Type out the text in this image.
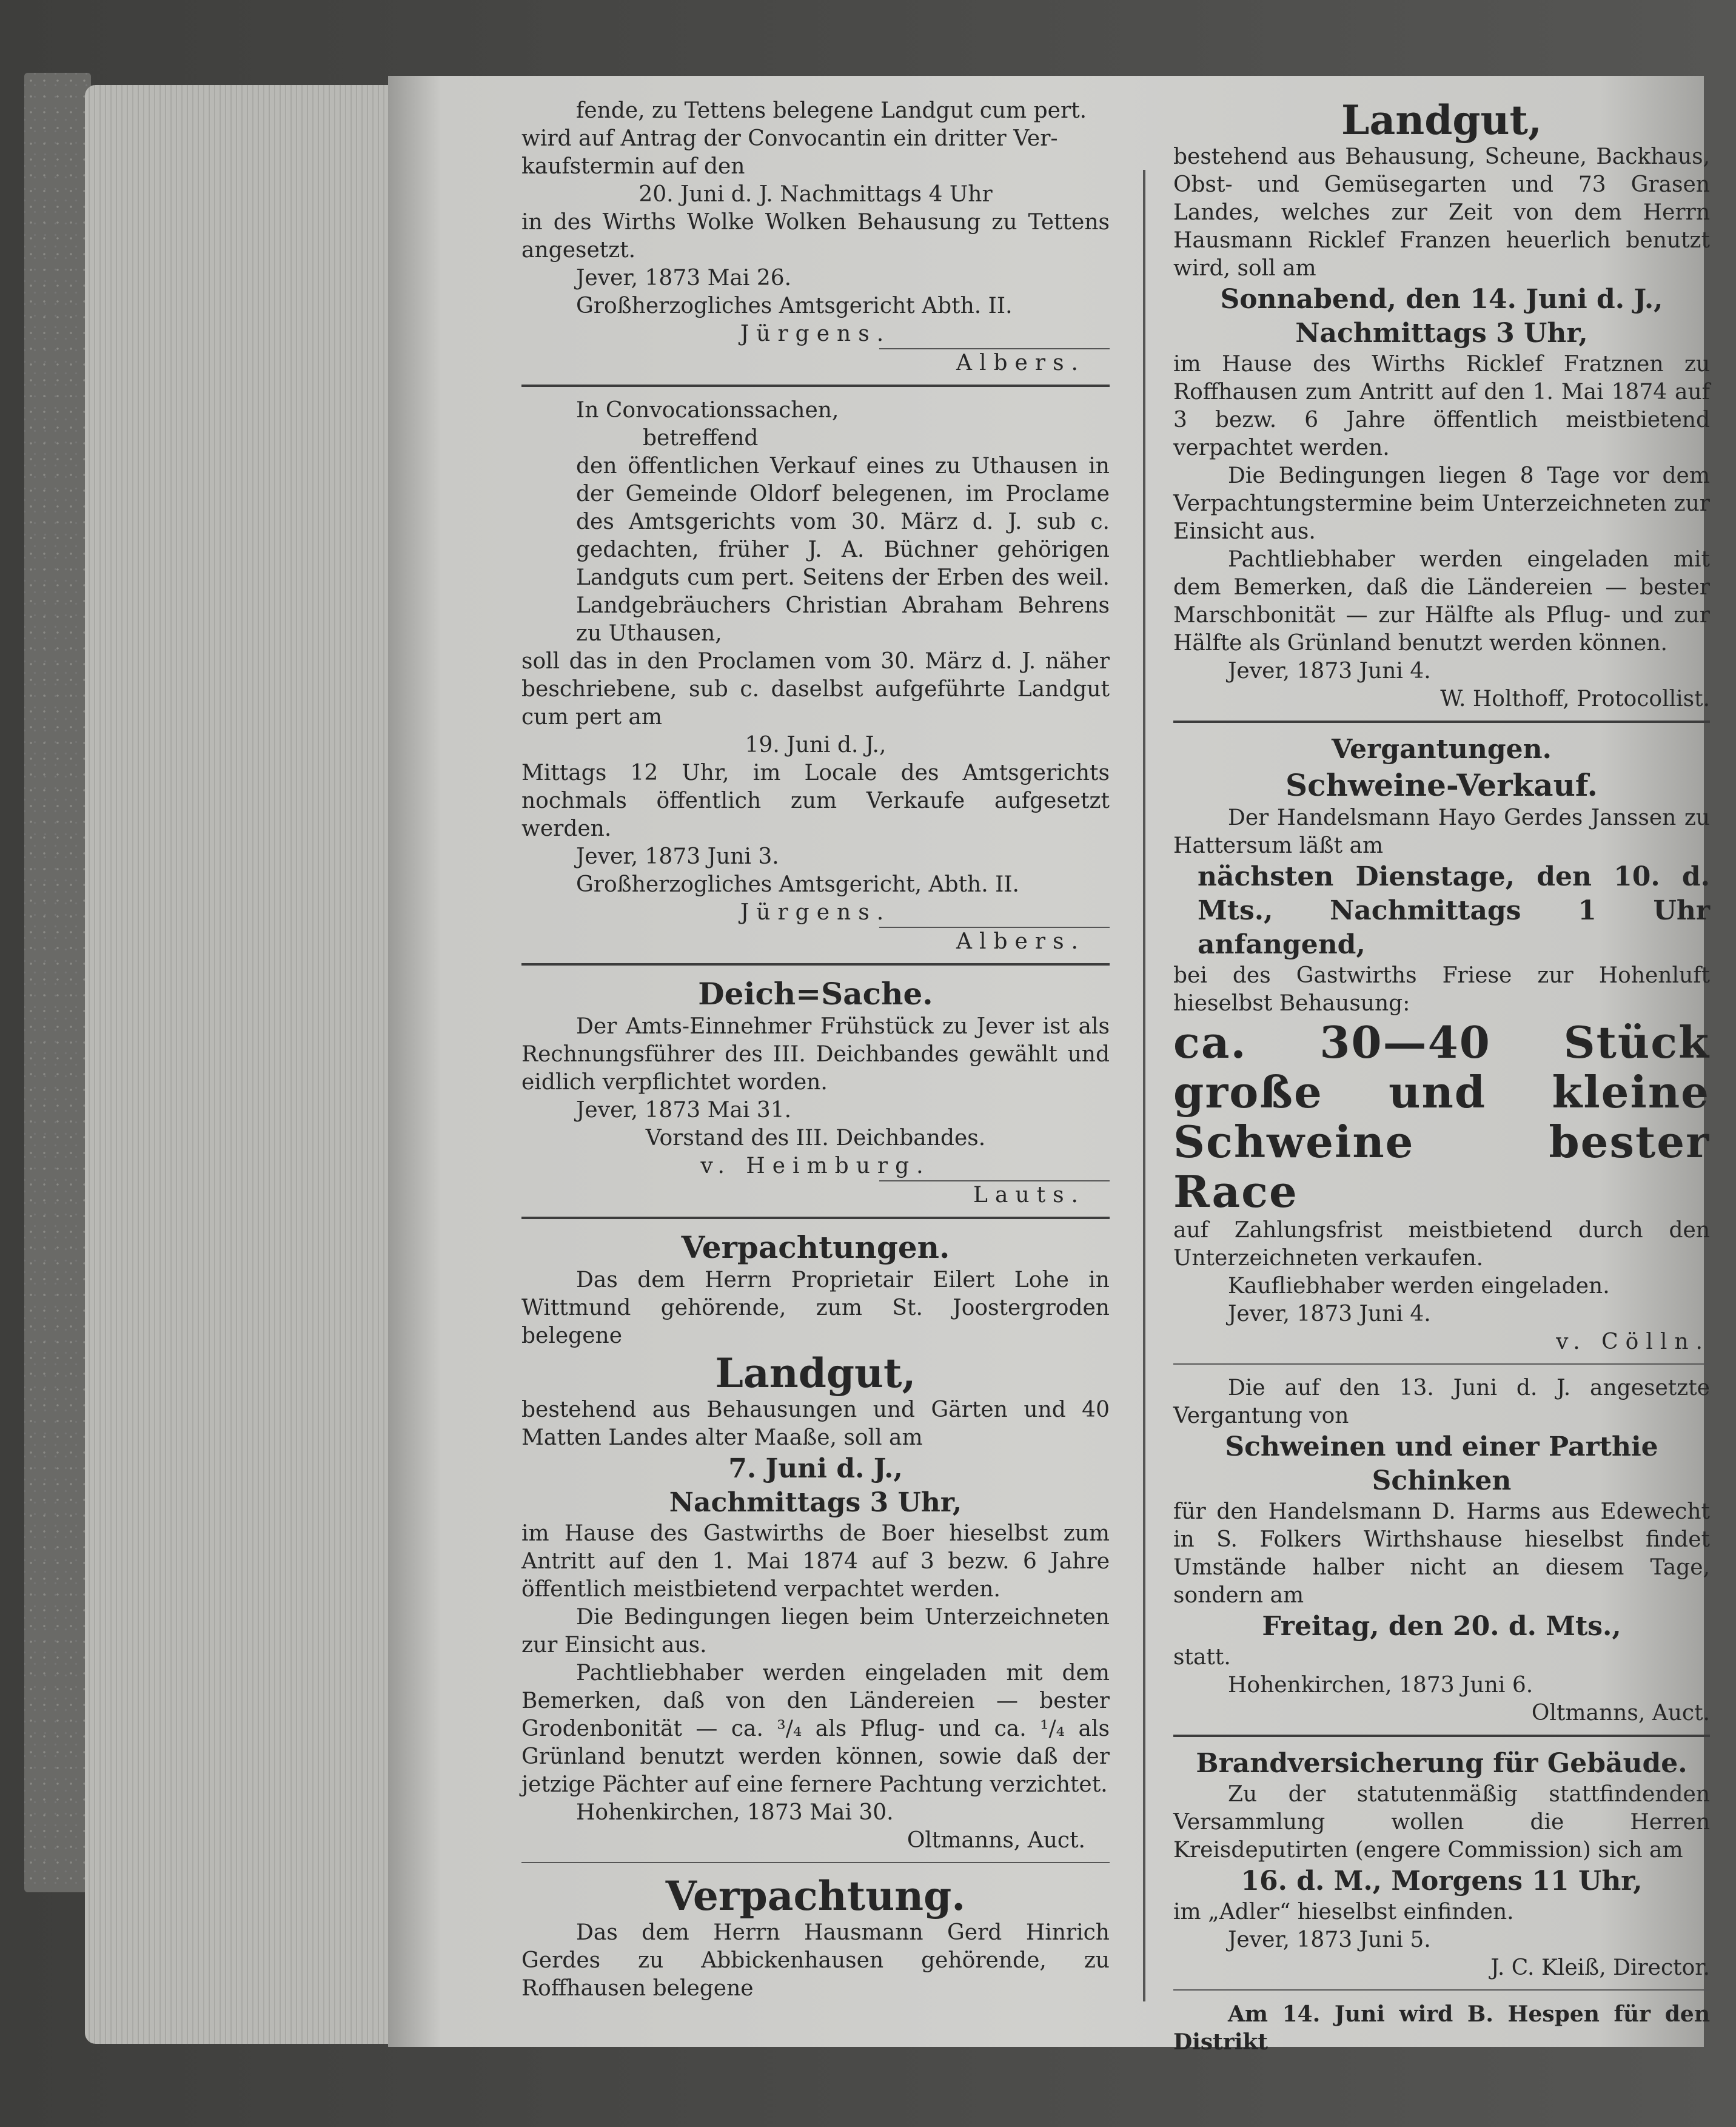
fende, zu Tettens belegene Landgut cum pert.

wird auf Antrag der Convocantin ein dritter Ver-

kaufstermin auf den

20. Juni d. J. Nachmittags 4 Uhr

in des Wirths Wolke Wolken Behausung zu Tettens angesetzt.

Jever, 1873 Mai 26.

Großherzogliches Amtsgericht Abth. II.

Jürgens.

Albers.

In Convocationssachen,

betreffend

den öffentlichen Verkauf eines zu Uthausen in der Gemeinde Oldorf belegenen, im Proclame des Amtsgerichts vom 30. März d. J. sub c. gedachten, früher J. A. Büchner gehörigen Landguts cum pert. Seitens der Erben des weil. Landgebräuchers Christian Abraham Behrens zu Uthausen,

soll das in den Proclamen vom 30. März d. J. näher beschriebene, sub c. daselbst aufgeführte Landgut cum pert am

19. Juni d. J.,

Mittags 12 Uhr, im Locale des Amtsgerichts nochmals öffentlich zum Verkaufe aufgesetzt werden.

Jever, 1873 Juni 3.

Großherzogliches Amtsgericht, Abth. II.

Jürgens.

Albers.

Deich=Sache.

Der Amts-Einnehmer Frühstück zu Jever ist als Rechnungsführer des III. Deichbandes gewählt und eidlich verpflichtet worden.

Jever, 1873 Mai 31.

Vorstand des III. Deichbandes.

v. Heimburg.

Lauts.

Verpachtungen.

Das dem Herrn Proprietair Eilert Lohe in Wittmund gehörende, zum St. Joostergroden belegene

Landgut,

bestehend aus Behausungen und Gärten und 40 Matten Landes alter Maaße, soll am

7. Juni d. J.,

Nachmittags 3 Uhr,

im Hause des Gastwirths de Boer hieselbst zum Antritt auf den 1. Mai 1874 auf 3 bezw. 6 Jahre öffentlich meistbietend verpachtet werden.

Die Bedingungen liegen beim Unterzeichneten zur Einsicht aus.

Pachtliebhaber werden eingeladen mit dem Bemerken, daß von den Ländereien — bester Grodenbonität — ca. ³/₄ als Pflug- und ca. ¹/₄ als Grünland benutzt werden können, sowie daß der jetzige Pächter auf eine fernere Pachtung verzichtet.

Hohenkirchen, 1873 Mai 30.

Oltmanns, Auct.

Verpachtung.

Das dem Herrn Hausmann Gerd Hinrich Gerdes zu Abbickenhausen gehörende, zu Roffhausen belegene

Landgut,

bestehend aus Behausung, Scheune, Backhaus, Obst- und Gemüsegarten und 73 Grasen Landes, welches zur Zeit von dem Herrn Hausmann Ricklef Franzen heuerlich benutzt wird, soll am

Sonnabend, den 14. Juni d. J.,

Nachmittags 3 Uhr,

im Hause des Wirths Ricklef Fratznen zu Roffhausen zum Antritt auf den 1. Mai 1874 auf 3 bezw. 6 Jahre öffentlich meistbietend verpachtet werden.

Die Bedingungen liegen 8 Tage vor dem Verpachtungstermine beim Unterzeichneten zur Einsicht aus.

Pachtliebhaber werden eingeladen mit dem Bemerken, daß die Ländereien — bester Marschbonität — zur Hälfte als Pflug- und zur Hälfte als Grünland benutzt werden können.

Jever, 1873 Juni 4.

W. Holthoff, Protocollist.

Vergantungen.

Schweine-Verkauf.

Der Handelsmann Hayo Gerdes Janssen zu Hattersum läßt am

nächsten Dienstage, den 10. d. Mts., Nachmittags 1 Uhr anfangend,

bei des Gastwirths Friese zur Hohenluft hieselbst Behausung:

ca. 30—40 Stück große und kleine Schweine bester Race

auf Zahlungsfrist meistbietend durch den Unterzeichneten verkaufen.

Kaufliebhaber werden eingeladen.

Jever, 1873 Juni 4.

v. Cölln.

Die auf den 13. Juni d. J. angesetzte Vergantung von

Schweinen und einer Parthie Schinken

für den Handelsmann D. Harms aus Edewecht in S. Folkers Wirthshause hieselbst findet Umstände halber nicht an diesem Tage, sondern am

Freitag, den 20. d. Mts.,

statt.

Hohenkirchen, 1873 Juni 6.

Oltmanns, Auct.

Brandversicherung für Gebäude.

Zu der statutenmäßig stattfindenden Versammlung wollen die Herren Kreisdeputirten (engere Commission) sich am

16. d. M., Morgens 11 Uhr,

im „Adler“ hieselbst einfinden.

Jever, 1873 Juni 5.

J. C. Kleiß, Director.

Am 14. Juni wird B. Hespen für den Distrikt
